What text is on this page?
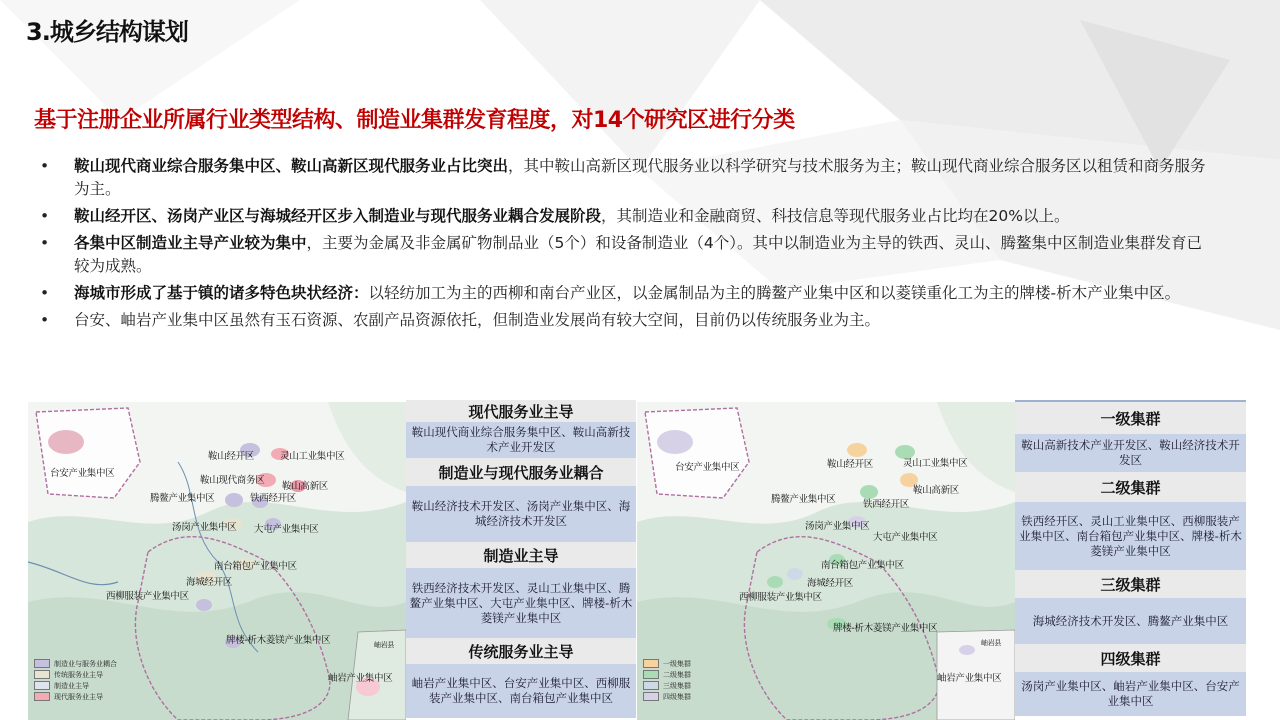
3.城乡结构谋划
基于注册企业所属行业类型结构、制造业集群发育程度，对14个研究区进行分类
• 鞍山现代商业综合服务集中区、鞍山高新区现代服务业占比突出，其中鞍山高新区现代服务业以科学研究与技术服务为主；鞍山现代商业综合服务区以租赁和商务服务为主。
• 鞍山经开区、汤岗产业区与海城经开区步入制造业与现代服务业耦合发展阶段，其制造业和金融商贸、科技信息等现代服务业占比均在20%以上。
• 各集中区制造业主导产业较为集中，主要为金属及非金属矿物制品业（5个）和设备制造业（4个）。其中以制造业为主导的铁西、灵山、腾鳌集中区制造业集群发育已较为成熟。
• 海城市形成了基于镇的诸多特色块状经济：以轻纺加工为主的西柳和南台产业区，以金属制品为主的腾鳌产业集中区和以菱镁重化工为主的牌楼-析木产业集中区。
• 台安、岫岩产业集中区虽然有玉石资源、农副产品资源依托，但制造业发展尚有较大空间，目前仍以传统服务业为主。
台安产业集中区
鞍山经开区	灵山工业集中区
鞍山现代商务区
鞍山高新区
腾鳌产业集中区	铁西经开区
汤岗产业集中区 大屯产业集中区
南台箱包产业集中区
海城经开区
西柳服装产业集中区
牌楼-析木菱镁产业集中区
岫岩产业集中区
岫岩县
制造业与服务业耦合
传统服务业主导
制造业主导
现代服务业主导
现代服务业主导
鞍山现代商业综合服务集中区、鞍山高新技术产业开发区
制造业与现代服务业耦合
鞍山经济技术开发区、汤岗产业集中区、海城经济技术开发区
制造业主导
铁西经济技术开发区、灵山工业集中区、腾鳌产业集中区、大屯产业集中区、牌楼-析木菱镁产业集中区
传统服务业主导
岫岩产业集中区、台安产业集中区、西柳服装产业集中区、南台箱包产业集中区
台安产业集中区	鞍山经开区	灵山工业集中区
鞍山高新区
腾鳌产业集中区	铁西经开区
汤岗产业集中区
大屯产业集中区
南台箱包产业集中区
海城经开区
西柳服装产业集中区
牌楼-析木菱镁产业集中区
岫岩产业集中区
岫岩县
一级集群
二级集群
三级集群
四级集群
一级集群
鞍山高新技术产业开发区、鞍山经济技术开发区
二级集群
铁西经开区、灵山工业集中区、西柳服装产业集中区、南台箱包产业集中区、牌楼-析木菱镁产业集中区
三级集群
海城经济技术开发区、腾鳌产业集中区
四级集群
汤岗产业集中区、岫岩产业集中区、台安产业集中区
